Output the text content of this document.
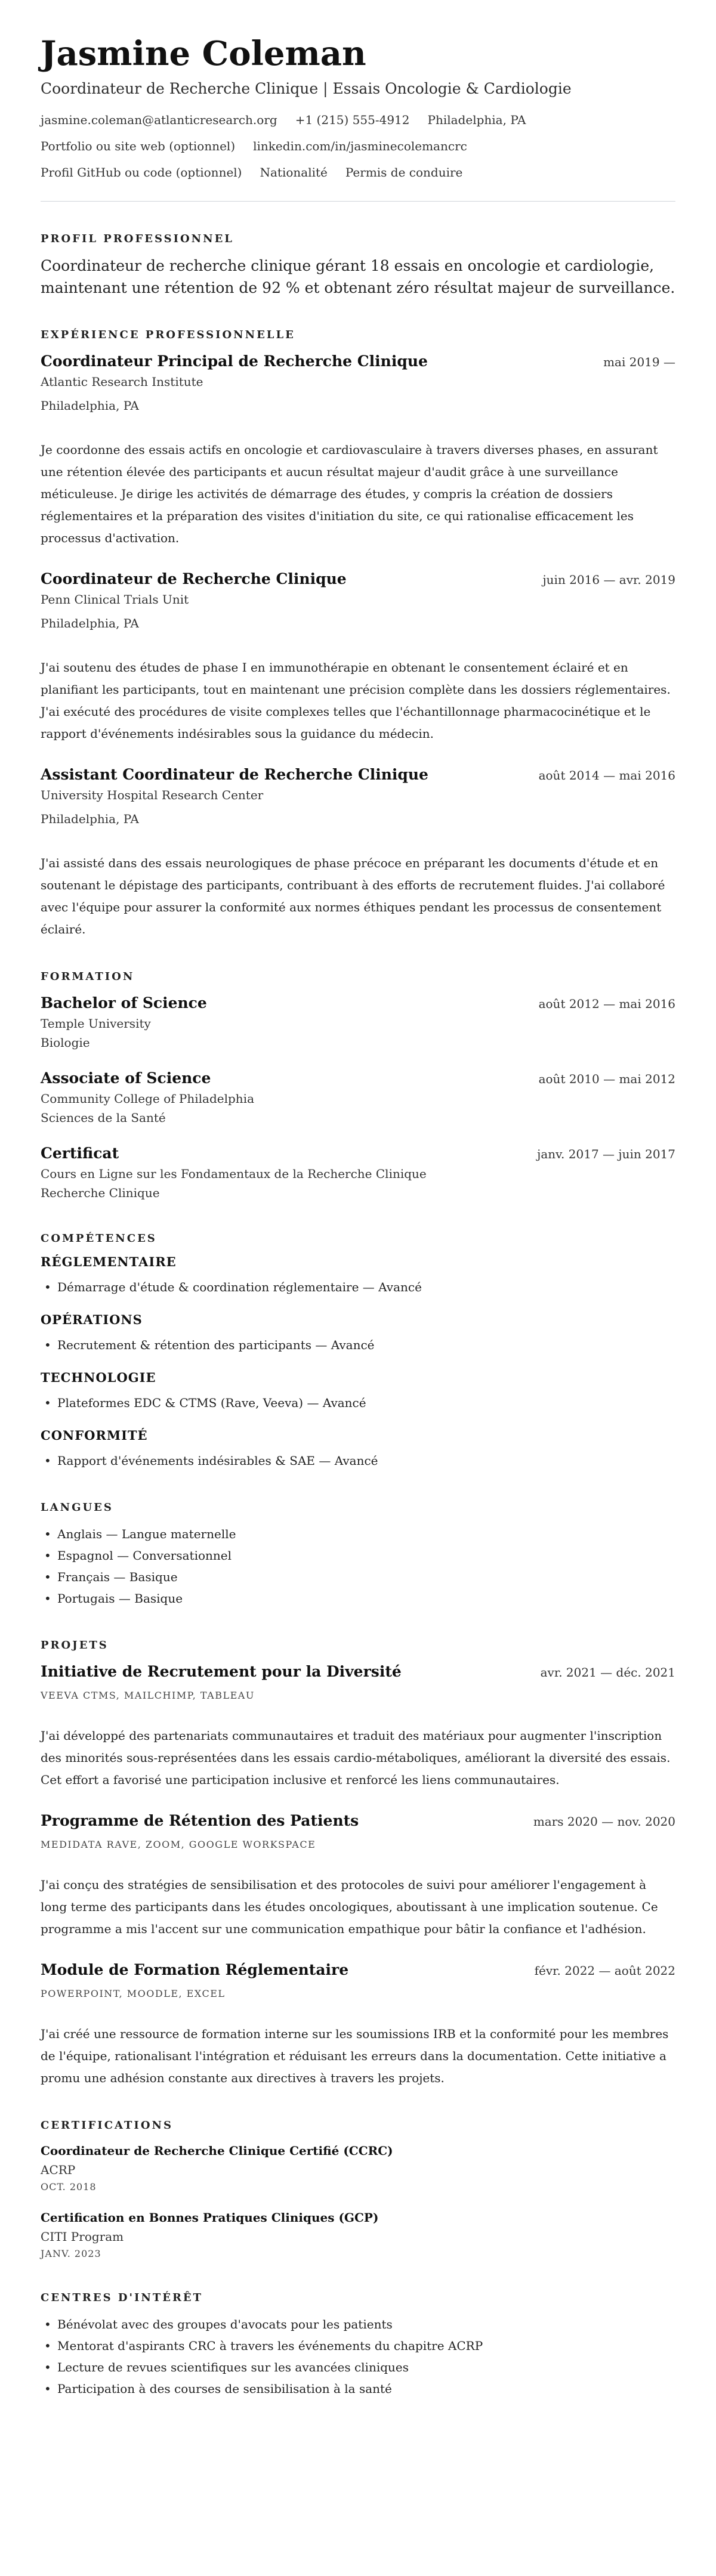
Jasmine Coleman
Coordinateur de Recherche Clinique | Essais Oncologie & Cardiologie
jasmine.coleman@atlanticresearch.org +1 (215) 555-4912 Philadelphia, PA
Portfolio ou site web (optionnel) linkedin.com/in/jasminecolemancrc
Profil GitHub ou code (optionnel) Nationalité Permis de conduire
PROFIL PROFESSIONNEL

Coordinateur de recherche clinique gérant 18 essais en oncologie et cardiologie, maintenant une rétention de 92 % et obtenant zéro résultat majeur de surveillance.

EXPÉRIENCE PROFESSIONNELLE
Coordinateur Principal de Recherche Clinique	mai 2019 —
Atlantic Research Institute
Philadelphia, PA

Je coordonne des essais actifs en oncologie et cardiovasculaire à travers diverses phases, en assurant une rétention élevée des participants et aucun résultat majeur d'audit grâce à une surveillance méticuleuse. Je dirige les activités de démarrage des études, y compris la création de dossiers réglementaires et la préparation des visites d'initiation du site, ce qui rationalise efficacement les processus d'activation.

Coordinateur de Recherche Clinique	juin 2016 — avr. 2019
Penn Clinical Trials Unit
Philadelphia, PA

J'ai soutenu des études de phase I en immunothérapie en obtenant le consentement éclairé et en planifiant les participants, tout en maintenant une précision complète dans les dossiers réglementaires. J'ai exécuté des procédures de visite complexes telles que l'échantillonnage pharmacocinétique et le rapport d'événements indésirables sous la guidance du médecin.

Assistant Coordinateur de Recherche Clinique	août 2014 — mai 2016
University Hospital Research Center
Philadelphia, PA

J'ai assisté dans des essais neurologiques de phase précoce en préparant les documents d'étude et en soutenant le dépistage des participants, contribuant à des efforts de recrutement fluides. J'ai collaboré avec l'équipe pour assurer la conformité aux normes éthiques pendant les processus de consentement éclairé.

FORMATION
Bachelor of Science	août 2012 — mai 2016
Temple University
Biologie
Associate of Science	août 2010 — mai 2012
Community College of Philadelphia
Sciences de la Santé
Certificat	janv. 2017 — juin 2017
Cours en Ligne sur les Fondamentaux de la Recherche Clinique
Recherche Clinique
COMPÉTENCES
RÉGLEMENTAIRE
• Démarrage d'étude & coordination réglementaire — Avancé
OPÉRATIONS
• Recrutement & rétention des participants — Avancé
TECHNOLOGIE
• Plateformes EDC & CTMS (Rave, Veeva) — Avancé
CONFORMITÉ
• Rapport d'événements indésirables & SAE — Avancé
LANGUES
• Anglais — Langue maternelle
• Espagnol — Conversationnel
• Français — Basique
• Portugais — Basique
PROJETS
Initiative de Recrutement pour la Diversité	avr. 2021 — déc. 2021
VEEVA CTMS, MAILCHIMP, TABLEAU

J'ai développé des partenariats communautaires et traduit des matériaux pour augmenter l'inscription des minorités sous-représentées dans les essais cardio-métaboliques, améliorant la diversité des essais. Cet effort a favorisé une participation inclusive et renforcé les liens communautaires.

Programme de Rétention des Patients	mars 2020 — nov. 2020
MEDIDATA RAVE, ZOOM, GOOGLE WORKSPACE

J'ai conçu des stratégies de sensibilisation et des protocoles de suivi pour améliorer l'engagement à long terme des participants dans les études oncologiques, aboutissant à une implication soutenue. Ce programme a mis l'accent sur une communication empathique pour bâtir la confiance et l'adhésion.

Module de Formation Réglementaire	févr. 2022 — août 2022
POWERPOINT, MOODLE, EXCEL

J'ai créé une ressource de formation interne sur les soumissions IRB et la conformité pour les membres de l'équipe, rationalisant l'intégration et réduisant les erreurs dans la documentation. Cette initiative a promu une adhésion constante aux directives à travers les projets.

CERTIFICATIONS
Coordinateur de Recherche Clinique Certifié (CCRC)
ACRP
OCT. 2018
Certification en Bonnes Pratiques Cliniques (GCP)
CITI Program
JANV. 2023
CENTRES D'INTÉRÊT
• Bénévolat avec des groupes d'avocats pour les patients
• Mentorat d'aspirants CRC à travers les événements du chapitre ACRP
• Lecture de revues scientifiques sur les avancées cliniques
• Participation à des courses de sensibilisation à la santé
